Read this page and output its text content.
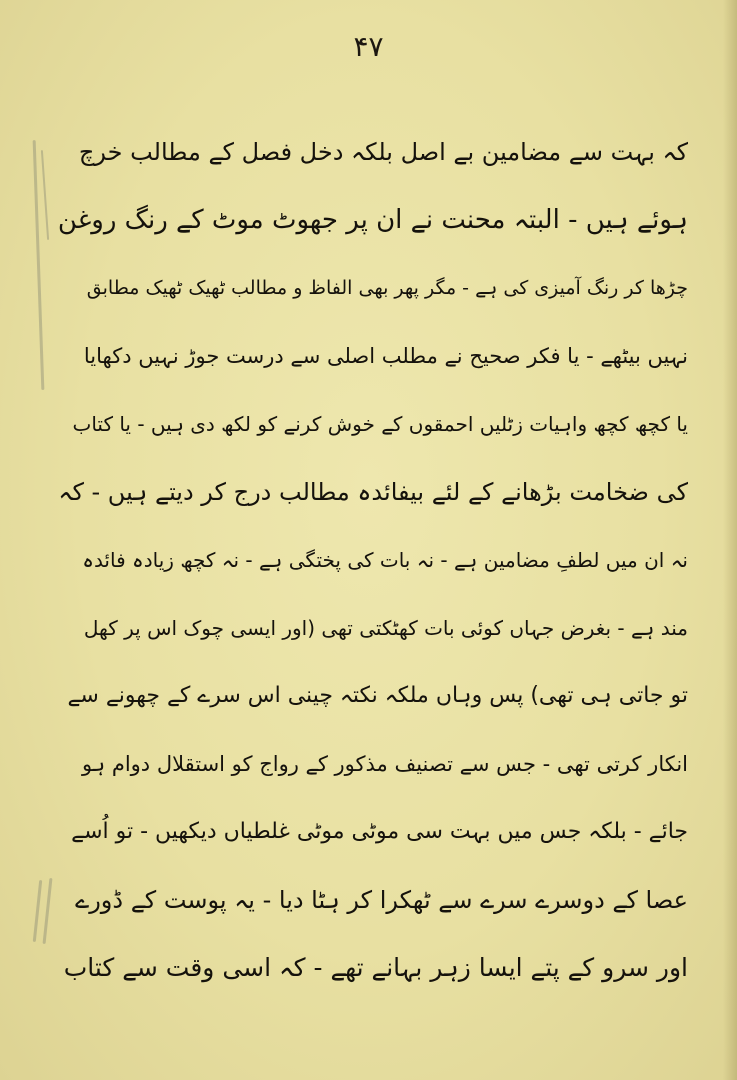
۴۷
کہ بہت سے مضامین بے اصل بلکہ دخل فصل کے مطالب خرچ
ہوئے ہیں - البتہ محنت نے ان پر جھوٹ موٹ کے رنگ روغن
چڑھا کر رنگ آمیزی کی ہے - مگر پھر بھی الفاظ و مطالب ٹھیک ٹھیک مطابق
نہیں بیٹھے - یا فکر صحیح نے مطلب اصلی سے درست جوڑ نہیں دکھایا
یا کچھ کچھ واہیات زٹلیں احمقوں کے خوش کرنے کو لکھ دی ہیں - یا کتاب
کی ضخامت بڑھانے کے لئے بیفائدہ مطالب درج کر دیتے ہیں - کہ
نہ ان میں لطفِ مضامین ہے - نہ بات کی پختگی ہے - نہ کچھ زیادہ فائدہ
مند ہے - بغرض جہاں کوئی بات کھٹکتی تھی (اور ایسی چوک اس پر کھل
تو جاتی ہی تھی) پس وہاں ملکہ نکتہ چینی اس سرے کے چھونے سے
انکار کرتی تھی - جس سے تصنیف مذکور کے رواج کو استقلال دوام ہو
جائے - بلکہ جس میں بہت سی موٹی موٹی غلطیاں دیکھیں - تو اُسے
عصا کے دوسرے سرے سے ٹھکرا کر ہٹا دیا - یہ پوست کے ڈورے
اور سرو کے پتے ایسا زہر بہانے تھے - کہ اسی وقت سے کتاب
